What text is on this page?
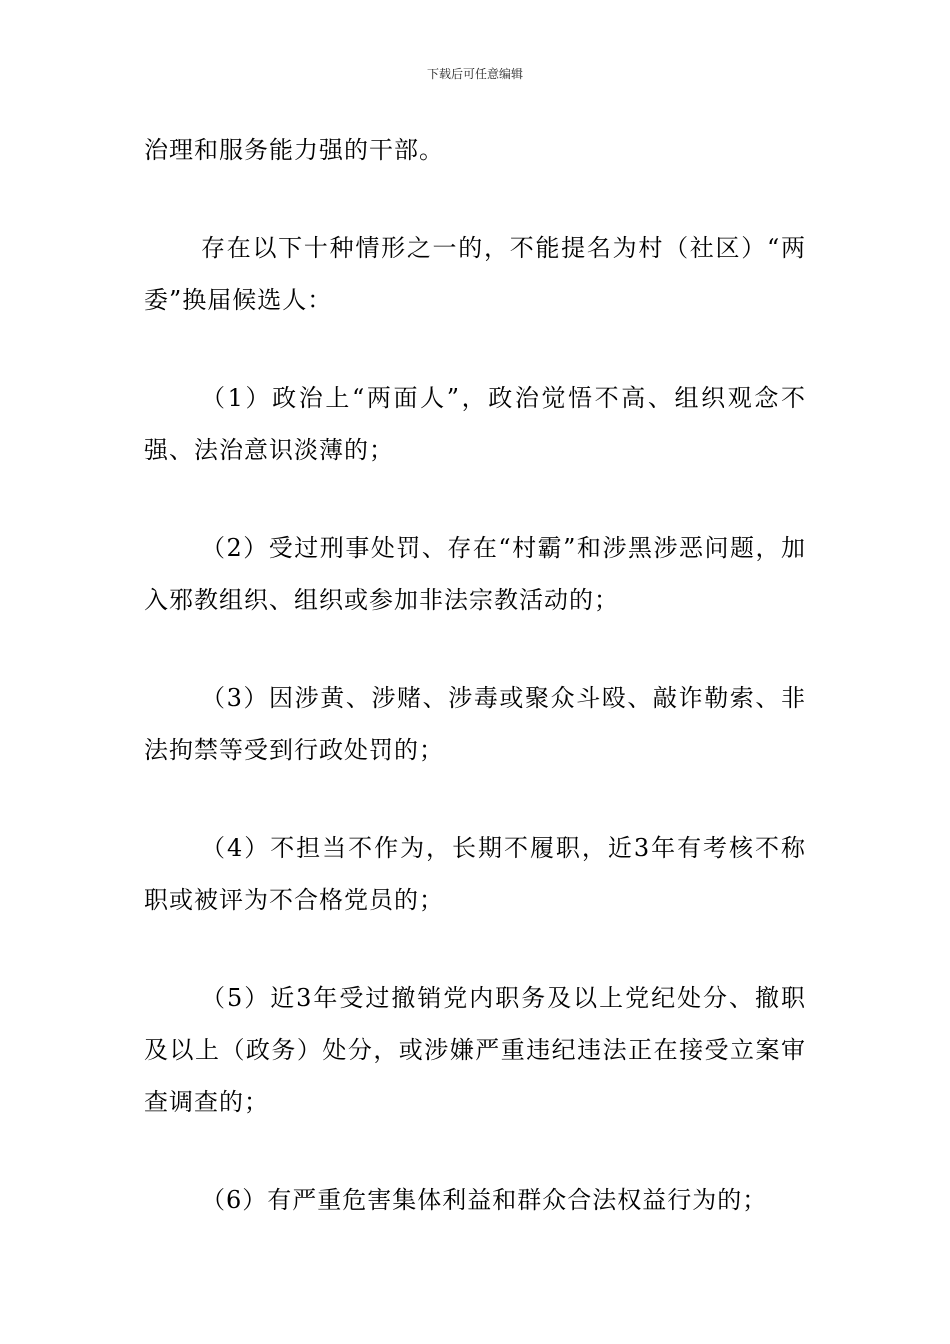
下载后可任意编辑

治理和服务能力强的干部。

存在以下十种情形之一的，不能提名为村（社区）“两委”换届候选人：

（1）政治上“两面人”，政治觉悟不高、组织观念不强、法治意识淡薄的；

（2）受过刑事处罚、存在“村霸”和涉黑涉恶问题，加入邪教组织、组织或参加非法宗教活动的；

（3）因涉黄、涉赌、涉毒或聚众斗殴、敲诈勒索、非法拘禁等受到行政处罚的；

（4）不担当不作为，长期不履职，近3年有考核不称职或被评为不合格党员的；

（5）近3年受过撤销党内职务及以上党纪处分、撤职及以上（政务）处分，或涉嫌严重违纪违法正在接受立案审查调查的；

（6）有严重危害集体利益和群众合法权益行为的；
